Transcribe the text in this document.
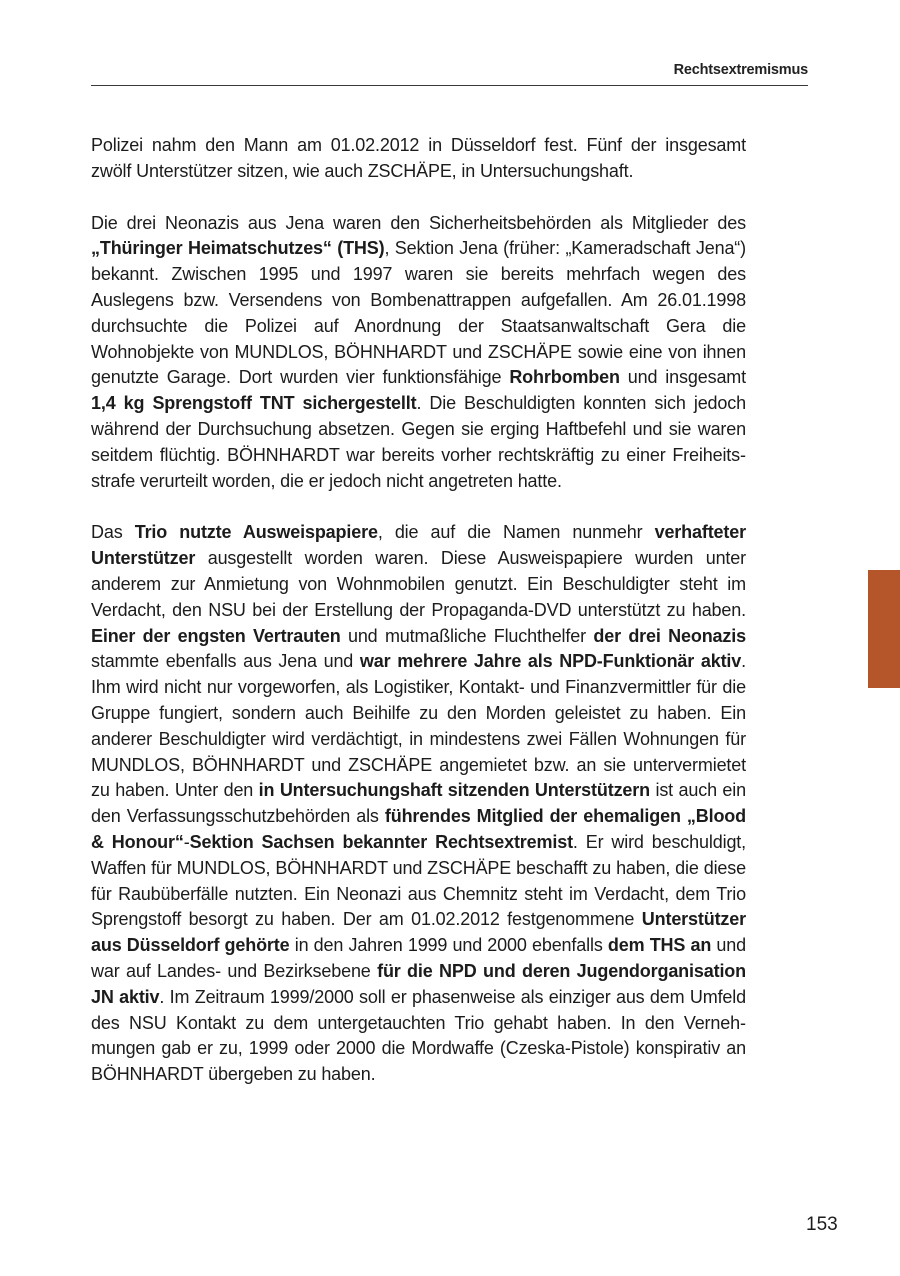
Rechtsextremismus

Polizei nahm den Mann am 01.02.2012 in Düsseldorf fest. Fünf der insgesamt zwölf Unterstützer sitzen, wie auch ZSCHÄPE, in Untersuchungshaft.

Die drei Neonazis aus Jena waren den Sicherheitsbehörden als Mitglieder des „Thüringer Heimatschutzes“ (THS), Sektion Jena (früher: „Kameradschaft Jena“) bekannt. Zwischen 1995 und 1997 waren sie bereits mehrfach wegen des Auslegens bzw. Versendens von Bombenattrappen aufgefallen. Am 26.01.1998 durchsuchte die Polizei auf Anordnung der Staatsanwaltschaft Gera die Wohnobjekte von MUNDLOS, BÖHNHARDT und ZSCHÄPE sowie eine von ihnen genutzte Garage. Dort wurden vier funktionsfähige Rohrbomben und insgesamt 1,4 kg Sprengstoff TNT sichergestellt. Die Beschuldigten konnten sich jedoch während der Durchsuchung absetzen. Gegen sie erging Haftbefehl und sie waren seitdem flüchtig. BÖHNHARDT war bereits vorher rechtskräftig zu einer Freiheitsstrafe verurteilt worden, die er jedoch nicht angetreten hatte.

Das Trio nutzte Ausweispapiere, die auf die Namen nunmehr verhafteter Unterstützer ausgestellt worden waren. Diese Ausweispapiere wurden unter anderem zur Anmietung von Wohnmobilen genutzt. Ein Beschuldigter steht im Verdacht, den NSU bei der Erstellung der Propaganda-DVD unterstützt zu haben. Einer der engsten Vertrauten und mutmaßliche Fluchthelfer der drei Neonazis stammte ebenfalls aus Jena und war mehrere Jahre als NPD-Funktionär aktiv. Ihm wird nicht nur vorgeworfen, als Logistiker, Kontakt- und Finanzvermittler für die Gruppe fungiert, sondern auch Beihilfe zu den Morden geleistet zu haben. Ein anderer Beschuldigter wird verdächtigt, in mindestens zwei Fällen Wohnungen für MUNDLOS, BÖHNHARDT und ZSCHÄPE angemietet bzw. an sie untervermietet zu haben. Unter den in Untersuchungshaft sitzenden Unterstützern ist auch ein den Verfassungsschutzbehörden als führendes Mitglied der ehemaligen „Blood & Honour“-Sektion Sachsen bekannter Rechtsextremist. Er wird beschuldigt, Waffen für MUNDLOS, BÖHNHARDT und ZSCHÄPE beschafft zu haben, die diese für Raubüberfälle nutzten. Ein Neonazi aus Chemnitz steht im Verdacht, dem Trio Sprengstoff besorgt zu haben. Der am 01.02.2012 festgenommene Unterstützer aus Düsseldorf gehörte in den Jahren 1999 und 2000 ebenfalls dem THS an und war auf Landes- und Bezirksebene für die NPD und deren Jugendorganisation JN aktiv. Im Zeitraum 1999/2000 soll er phasenweise als einziger aus dem Umfeld des NSU Kontakt zu dem untergetauchten Trio gehabt haben. In den Vernehmungen gab er zu, 1999 oder 2000 die Mordwaffe (Czeska-Pistole) konspirativ an BÖHNHARDT übergeben zu haben.

153
